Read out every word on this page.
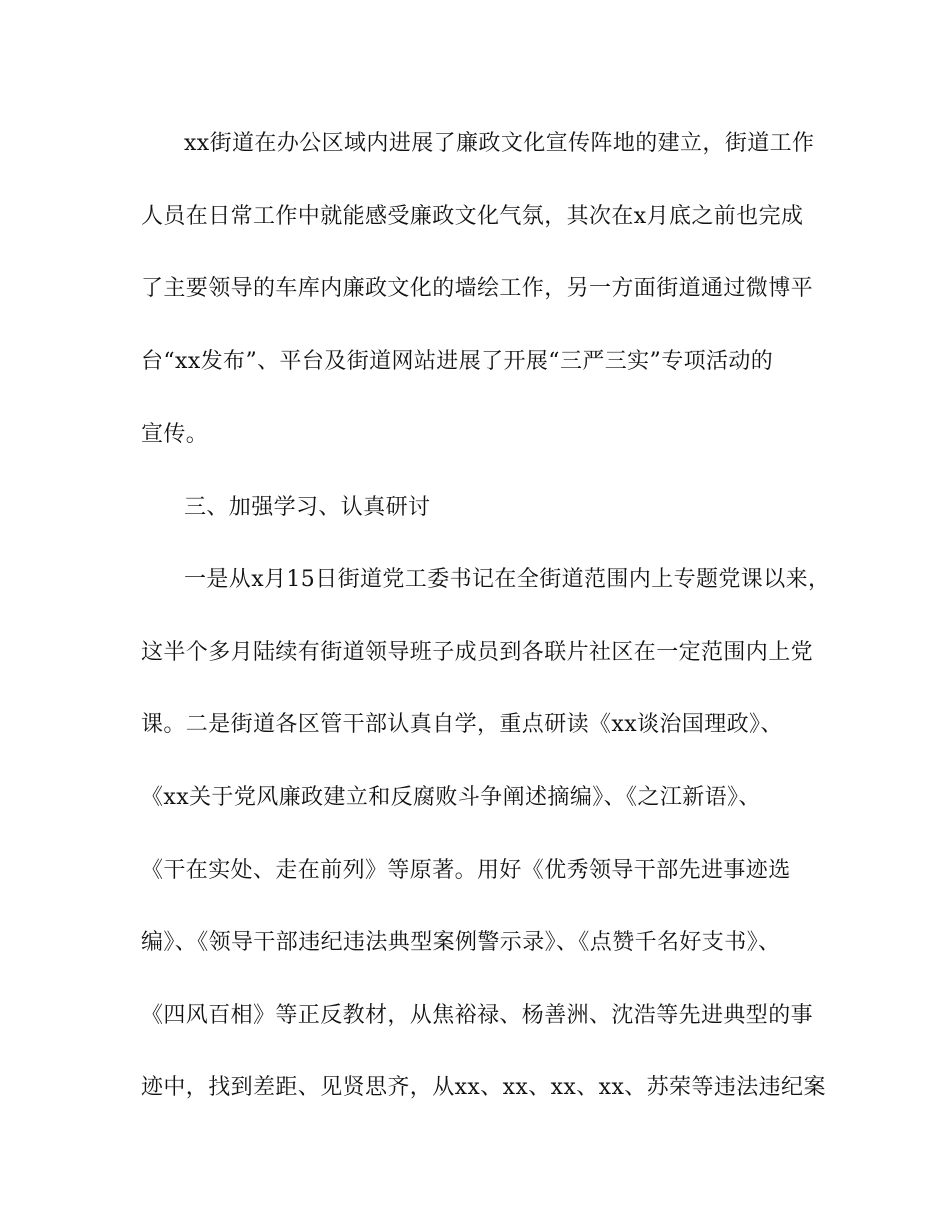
xx街道在办公区域内进展了廉政文化宣传阵地的建立，街道工作
人员在日常工作中就能感受廉政文化气氛，其次在x月底之前也完成
了主要领导的车库内廉政文化的墙绘工作，另一方面街道通过微博平
台“xx发布”、平台及街道网站进展了开展“三严三实”专项活动的
宣传。
三、加强学习、认真研讨
一是从x月15日街道党工委书记在全街道范围内上专题党课以来，
这半个多月陆续有街道领导班子成员到各联片社区在一定范围内上党
课。二是街道各区管干部认真自学，重点研读《xx谈治国理政》、
《xx关于党风廉政建立和反腐败斗争阐述摘编》、《之江新语》、
《干在实处、走在前列》等原著。用好《优秀领导干部先进事迹选
编》、《领导干部违纪违法典型案例警示录》、《点赞千名好支书》、
《四风百相》等正反教材，从焦裕禄、杨善洲、沈浩等先进典型的事
迹中，找到差距、见贤思齐，从xx、xx、xx、xx、苏荣等违法违纪案
